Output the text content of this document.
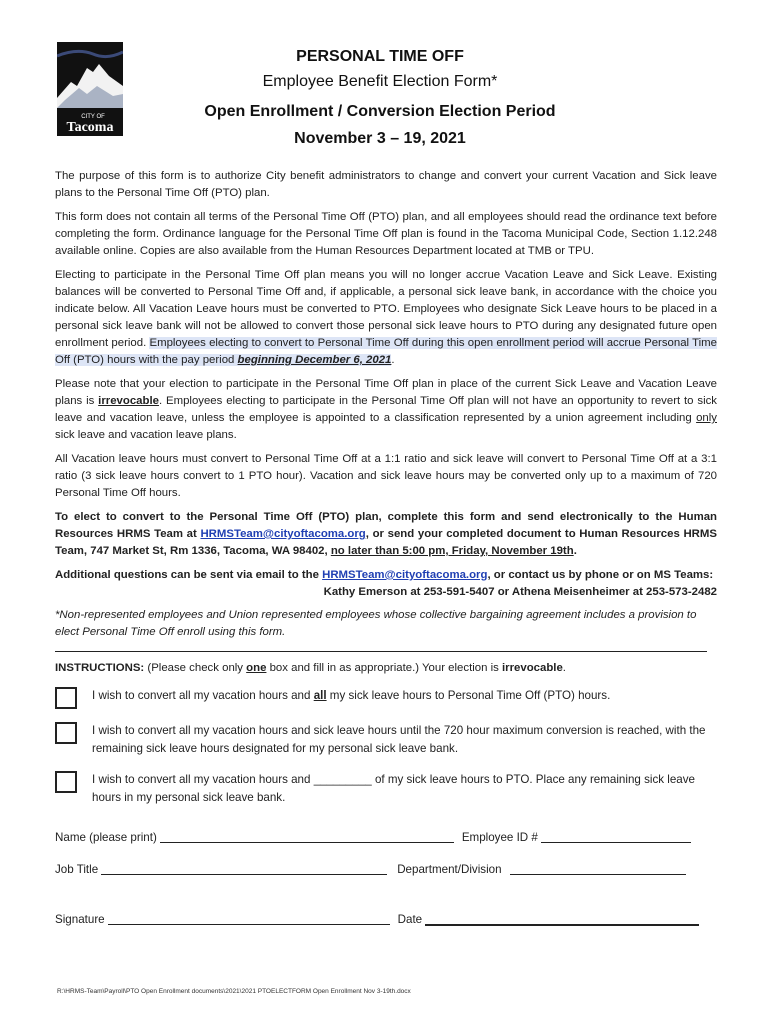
CITY OF
Tacoma
PERSONAL TIME OFF
Employee Benefit Election Form*
Open Enrollment / Conversion Election Period
November 3 – 19, 2021

The purpose of this form is to authorize City benefit administrators to change and convert your current Vacation and Sick leave plans to the Personal Time Off (PTO) plan.

This form does not contain all terms of the Personal Time Off (PTO) plan, and all employees should read the ordinance text before completing the form. Ordinance language for the Personal Time Off plan is found in the Tacoma Municipal Code, Section 1.12.248 available online. Copies are also available from the Human Resources Department located at TMB or TPU.

Electing to participate in the Personal Time Off plan means you will no longer accrue Vacation Leave and Sick Leave. Existing balances will be converted to Personal Time Off and, if applicable, a personal sick leave bank, in accordance with the choice you indicate below. All Vacation Leave hours must be converted to PTO. Employees who designate Sick Leave hours to be placed in a personal sick leave bank will not be allowed to convert those personal sick leave hours to PTO during any designated future open enrollment period. Employees electing to convert to Personal Time Off during this open enrollment period will accrue Personal Time Off (PTO) hours with the pay period beginning December 6, 2021.

Please note that your election to participate in the Personal Time Off plan in place of the current Sick Leave and Vacation Leave plans is irrevocable. Employees electing to participate in the Personal Time Off plan will not have an opportunity to revert to sick leave and vacation leave, unless the employee is appointed to a classification represented by a union agreement including only sick leave and vacation leave plans.

All Vacation leave hours must convert to Personal Time Off at a 1:1 ratio and sick leave will convert to Personal Time Off at a 3:1 ratio (3 sick leave hours convert to 1 PTO hour). Vacation and sick leave hours may be converted only up to a maximum of 720 Personal Time Off hours.

To elect to convert to the Personal Time Off (PTO) plan, complete this form and send electronically to the Human Resources HRMS Team at HRMSTeam@cityoftacoma.org, or send your completed document to Human Resources HRMS Team, 747 Market St, Rm 1336, Tacoma, WA 98402, no later than 5:00 pm, Friday, November 19th.

Additional questions can be sent via email to the HRMSTeam@cityoftacoma.org, or contact us by phone or on MS Teams:
Kathy Emerson at 253-591-5407 or Athena Meisenheimer at 253-573-2482

*Non-represented employees and Union represented employees whose collective bargaining agreement includes a provision to elect Personal Time Off enroll using this form.

INSTRUCTIONS: (Please check only one box and fill in as appropriate.) Your election is irrevocable.

I wish to convert all my vacation hours and all my sick leave hours to Personal Time Off (PTO) hours.
I wish to convert all my vacation hours and sick leave hours until the 720 hour maximum conversion is reached, with the remaining sick leave hours designated for my personal sick leave bank.
I wish to convert all my vacation hours and _________ of my sick leave hours to PTO. Place any remaining sick leave hours in my personal sick leave bank.
Name (please print)	Employee ID #
Job Title	Department/Division
Signature	Date
R:\HRMS-Team\Payroll\PTO Open Enrollment documents\2021\2021 PTOELECTFORM Open Enrollment Nov 3-19th.docx
